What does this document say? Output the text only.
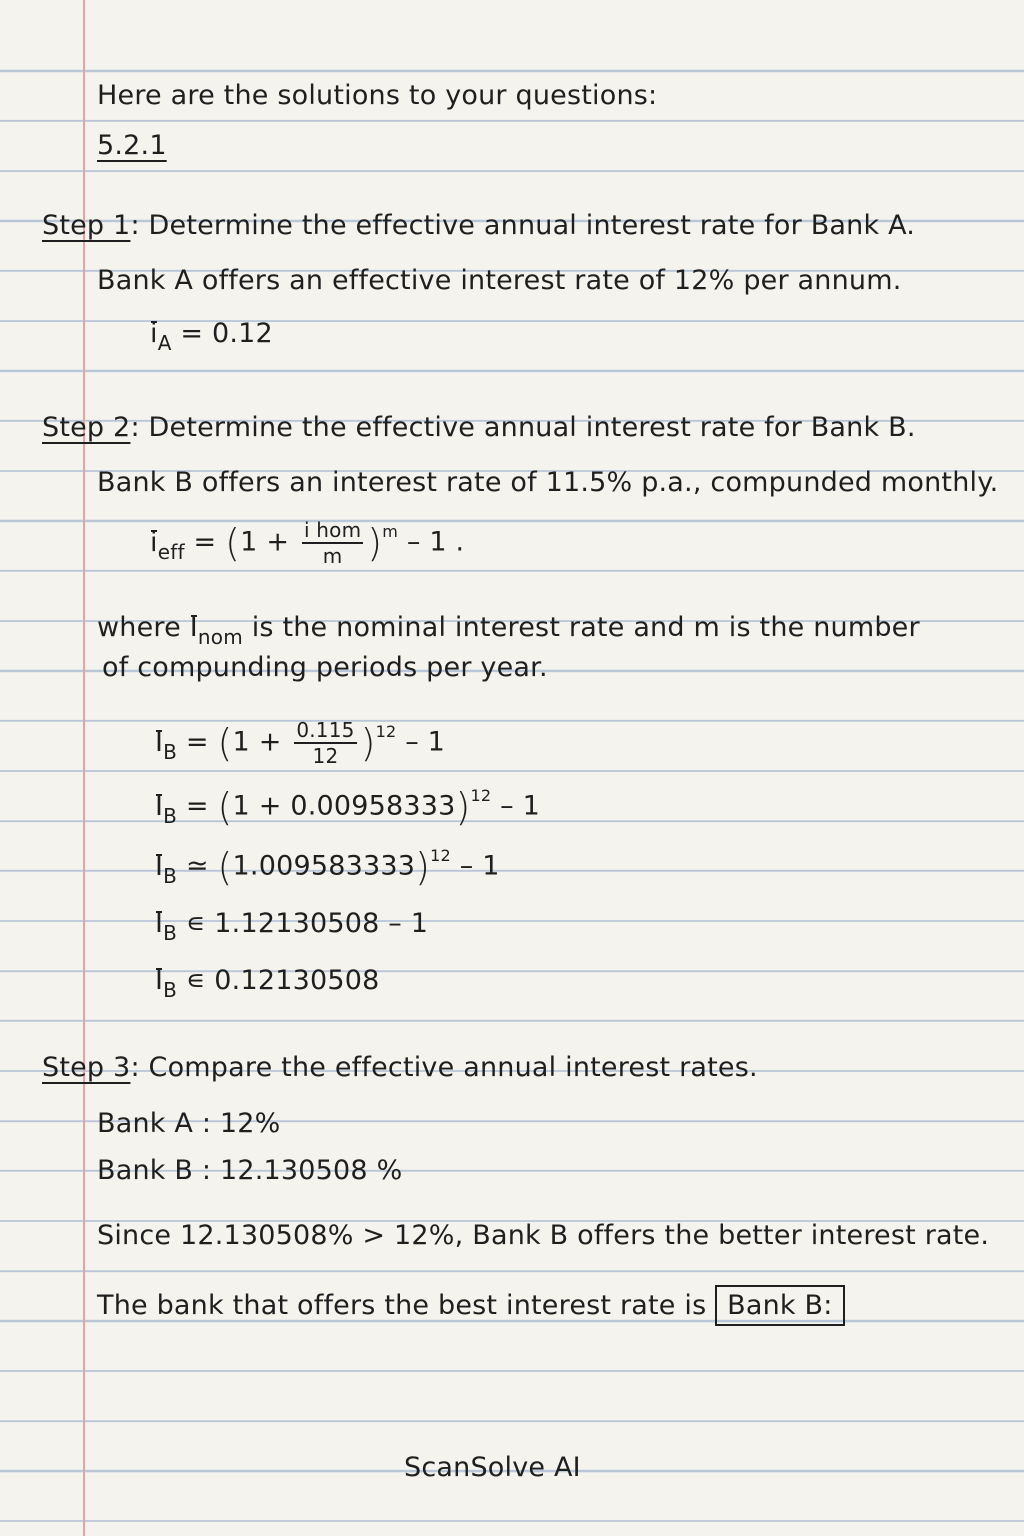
Here are the solutions to your questions:
5.2.1
Step 1: Determine the effective annual interest rate for Bank A.
Bank A offers an effective interest rate of 12% per annum.
$i_A = 0.12$
Step 2: Determine the effective annual interest rate for Bank B.
Bank B offers an interest rate of 11.5% p.a., compunded monthly.
$i_{eff} = (1 + \frac{\text{i hom}}{m} )^m - 1$ .
where $I_{nom}$ is the nominal interest rate and m is the number
of compunding periods per year.
$I_B = (1 + \frac{0.115}{12} )^{12} - 1$
$I_B = (1 + 0.00958333)^{12} - 1$
$I_B$ ≃ $(1.009583333)^{12} - 1$
$I_B$ ∊ 1.12130508 – 1
$I_B$ ∊ 0.12130508
Step 3: Compare the effective annual interest rates.
Bank A : 12%
Bank B : 12.130508 %
Since 12.130508% > 12%, Bank B offers the better interest rate.
The bank that offers the best interest rate is Bank B:
ScanSolve AI
